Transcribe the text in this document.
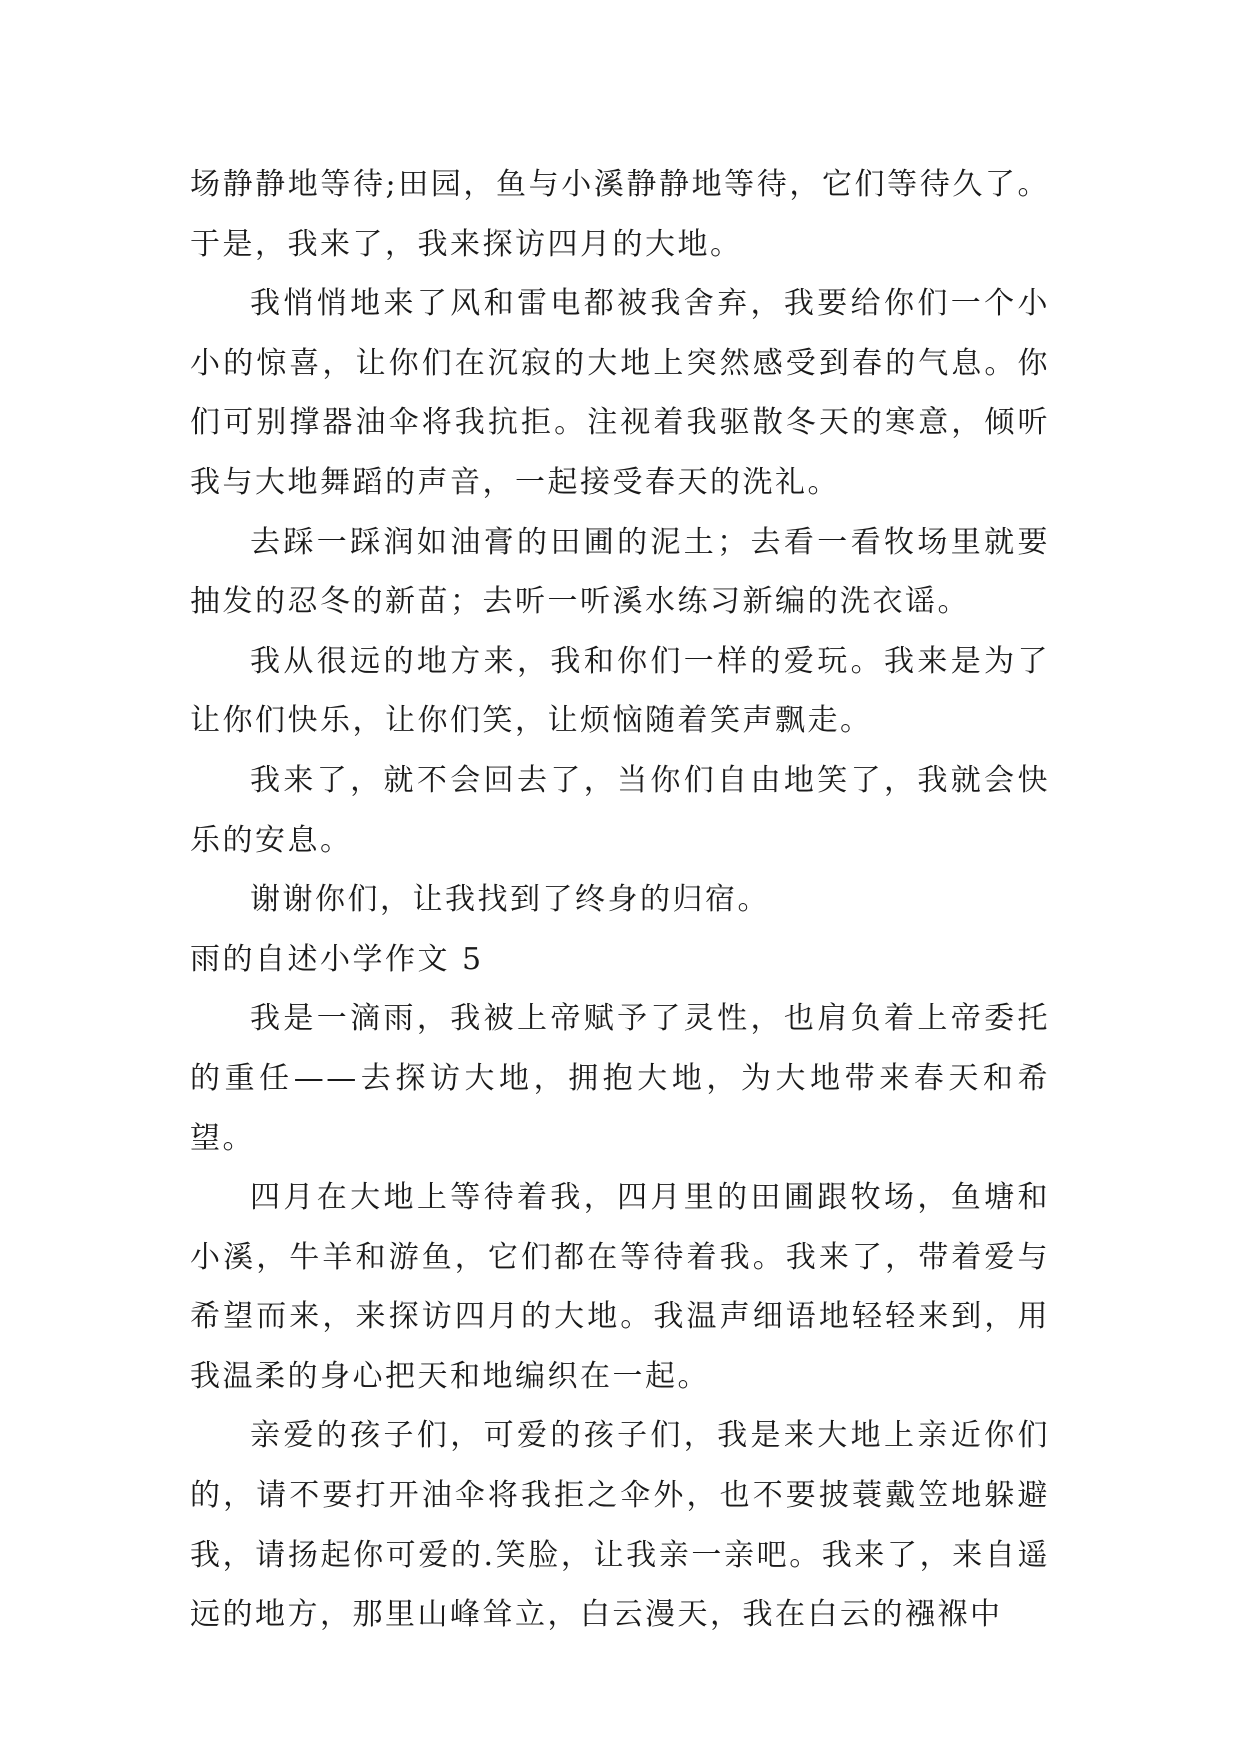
场静静地等待;田园，鱼与小溪静静地等待，它们等待久了。于是，我来了，我来探访四月的大地。

我悄悄地来了风和雷电都被我舍弃，我要给你们一个小小的惊喜，让你们在沉寂的大地上突然感受到春的气息。你们可别撑器油伞将我抗拒。注视着我驱散冬天的寒意，倾听我与大地舞蹈的声音，一起接受春天的洗礼。

去踩一踩润如油膏的田圃的泥土；去看一看牧场里就要抽发的忍冬的新苗；去听一听溪水练习新编的洗衣谣。

我从很远的地方来，我和你们一样的爱玩。我来是为了让你们快乐，让你们笑，让烦恼随着笑声飘走。

我来了，就不会回去了，当你们自由地笑了，我就会快乐的安息。

谢谢你们，让我找到了终身的归宿。

雨的自述小学作文 5

我是一滴雨，我被上帝赋予了灵性，也肩负着上帝委托的重任——去探访大地，拥抱大地，为大地带来春天和希望。

四月在大地上等待着我，四月里的田圃跟牧场，鱼塘和小溪，牛羊和游鱼，它们都在等待着我。我来了，带着爱与希望而来，来探访四月的大地。我温声细语地轻轻来到，用我温柔的身心把天和地编织在一起。

亲爱的孩子们，可爱的孩子们，我是来大地上亲近你们的，请不要打开油伞将我拒之伞外，也不要披蓑戴笠地躲避我，请扬起你可爱的.笑脸，让我亲一亲吧。我来了，来自遥远的地方，那里山峰耸立，白云漫天，我在白云的襁褓中
